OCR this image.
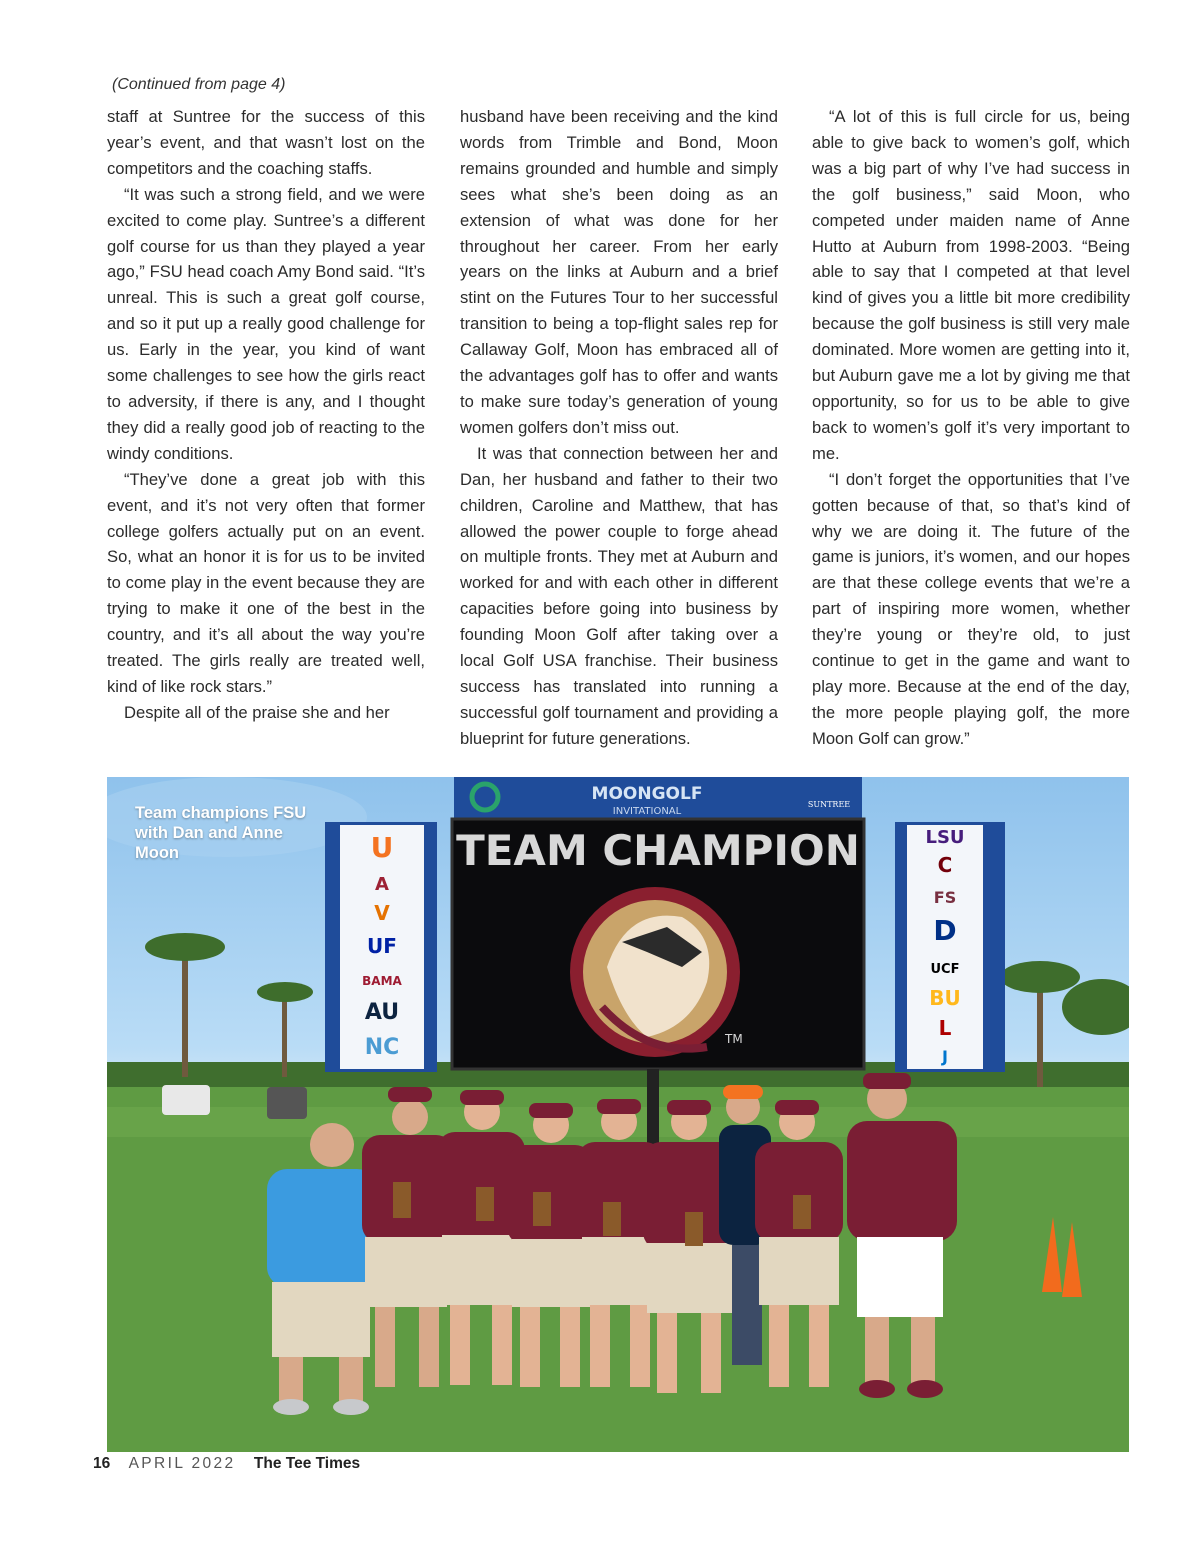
(Continued from page 4)

staff at Suntree for the success of this year’s event, and that wasn’t lost on the competitors and the coaching staffs.

“It was such a strong field, and we were excited to come play. Suntree’s a different golf course for us than they played a year ago,” FSU head coach Amy Bond said. “It’s unreal. This is such a great golf course, and so it put up a really good challenge for us. Early in the year, you kind of want some challenges to see how the girls react to adversity, if there is any, and I thought they did a really good job of reacting to the windy conditions.

“They’ve done a great job with this event, and it’s not very often that former college golfers actually put on an event. So, what an honor it is for us to be invited to come play in the event because they are trying to make it one of the best in the country, and it’s all about the way you’re treated. The girls really are treated well, kind of like rock stars.”

Despite all of the praise she and her

husband have been receiving and the kind words from Trimble and Bond, Moon remains grounded and humble and simply sees what she’s been doing as an extension of what was done for her throughout her career. From her early years on the links at Auburn and a brief stint on the Futures Tour to her successful transition to being a top-flight sales rep for Callaway Golf, Moon has embraced all of the advantages golf has to offer and wants to make sure today’s generation of young women golfers don’t miss out.

It was that connection between her and Dan, her husband and father to their two children, Caroline and Matthew, that has allowed the power couple to forge ahead on multiple fronts. They met at Auburn and worked for and with each other in different capacities before going into business by founding Moon Golf after taking over a local Golf USA franchise. Their business success has translated into running a successful golf tournament and providing a blueprint for future generations.

“A lot of this is full circle for us, being able to give back to women’s golf, which was a big part of why I’ve had success in the golf business,” said Moon, who competed under maiden name of Anne Hutto at Auburn from 1998-2003. “Being able to say that I competed at that level kind of gives you a little bit more credibility because the golf business is still very male dominated. More women are getting into it, but Auburn gave me a lot by giving me that opportunity, so for us to be able to give back to women’s golf it’s very important to me.

“I don’t forget the opportunities that I’ve gotten because of that, so that’s kind of why we are doing it. The future of the game is juniors, it’s women, and our hopes are that these college events that we’re a part of inspiring more women, whether they’re young or they’re old, to just continue to get in the game and want to play more. Because at the end of the day, the more people playing golf, the more Moon Golf can grow.”

MOONGOLF
INVITATIONAL
SUNTREE
TEAM CHAMPION
TM
U
A
V
UF
BAMA
AU
NC
LSU
C
FS
D
UCF
BU
L
J
Team champions FSU with Dan and Anne Moon
16 APRIL 2022 The Tee Times
